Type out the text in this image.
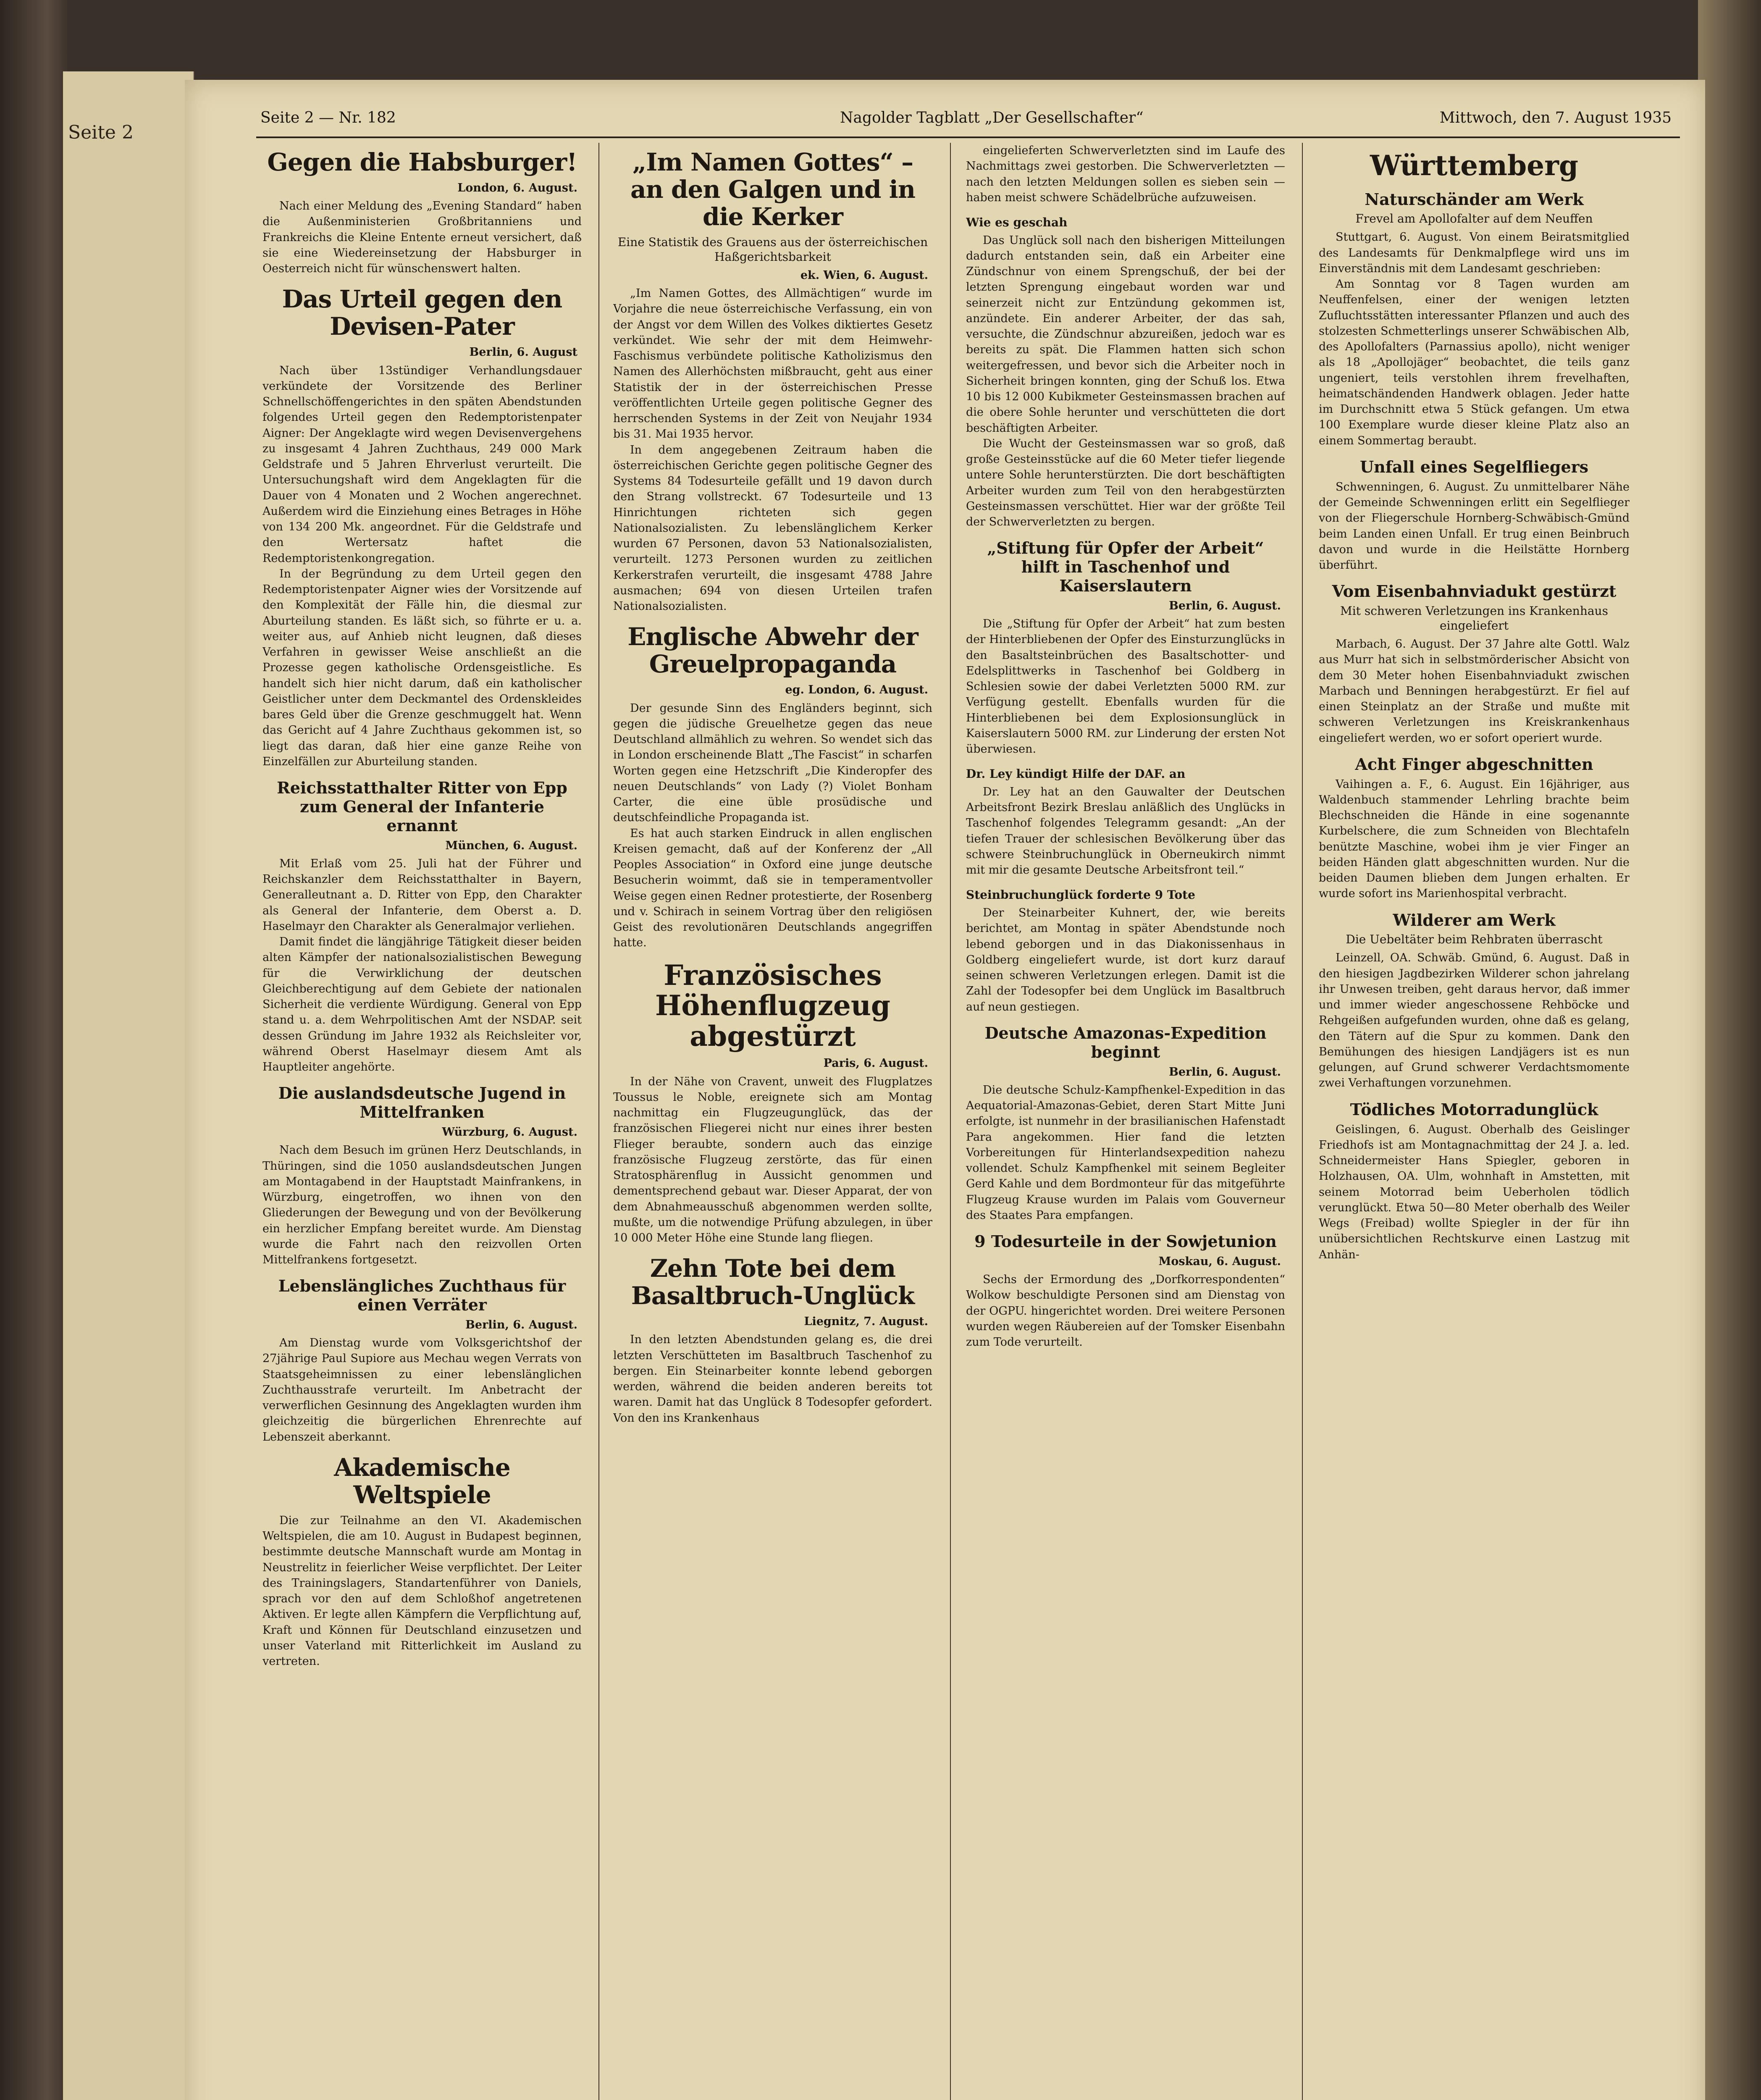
Seite 2
Seite 2 — Nr. 182	Nagolder Tagblatt „Der Gesellschafter“	Mittwoch, den 7. August 1935
Gegen die Habsburger!
London, 6. August.

Nach einer Meldung des „Evening Standard“ haben die Außenministerien Großbritanniens und Frankreichs die Kleine Entente erneut versichert, daß sie eine Wiedereinsetzung der Habsburger in Oesterreich nicht für wünschenswert halten.

Das Urteil gegen den Devisen-Pater
Berlin, 6. August

Nach über 13stündiger Verhandlungsdauer verkündete der Vorsitzende des Berliner Schnellschöffengerichtes in den späten Abendstunden folgendes Urteil gegen den Redemptoristenpater Aigner: Der Angeklagte wird wegen Devisenvergehens zu insgesamt 4 Jahren Zuchthaus, 249 000 Mark Geldstrafe und 5 Jahren Ehrverlust verurteilt. Die Untersuchungshaft wird dem Angeklagten für die Dauer von 4 Monaten und 2 Wochen angerechnet. Außerdem wird die Einziehung eines Betrages in Höhe von 134 200 Mk. angeordnet. Für die Geldstrafe und den Wertersatz haftet die Redemptoristenkongregation.

In der Begründung zu dem Urteil gegen den Redemptoristenpater Aigner wies der Vorsitzende auf den Komplexität der Fälle hin, die diesmal zur Aburteilung standen. Es läßt sich, so führte er u. a. weiter aus, auf Anhieb nicht leugnen, daß dieses Verfahren in gewisser Weise anschließt an die Prozesse gegen katholische Ordensgeistliche. Es handelt sich hier nicht darum, daß ein katholischer Geistlicher unter dem Deckmantel des Ordenskleides bares Geld über die Grenze geschmuggelt hat. Wenn das Gericht auf 4 Jahre Zuchthaus gekommen ist, so liegt das daran, daß hier eine ganze Reihe von Einzelfällen zur Aburteilung standen.

Reichsstatthalter Ritter von Epp zum General der Infanterie ernannt
München, 6. August.

Mit Erlaß vom 25. Juli hat der Führer und Reichskanzler dem Reichsstatthalter in Bayern, Generalleutnant a. D. Ritter von Epp, den Charakter als General der Infanterie, dem Oberst a. D. Haselmayr den Charakter als Generalmajor verliehen.

Damit findet die längjährige Tätigkeit dieser beiden alten Kämpfer der nationalsozialistischen Bewegung für die Verwirklichung der deutschen Gleichberechtigung auf dem Gebiete der nationalen Sicherheit die verdiente Würdigung. General von Epp stand u. a. dem Wehrpolitischen Amt der NSDAP. seit dessen Gründung im Jahre 1932 als Reichsleiter vor, während Oberst Haselmayr diesem Amt als Hauptleiter angehörte.

Die auslandsdeutsche Jugend in Mittelfranken
Würzburg, 6. August.

Nach dem Besuch im grünen Herz Deutschlands, in Thüringen, sind die 1050 auslandsdeutschen Jungen am Montagabend in der Hauptstadt Mainfrankens, in Würzburg, eingetroffen, wo ihnen von den Gliederungen der Bewegung und von der Bevölkerung ein herzlicher Empfang bereitet wurde. Am Dienstag wurde die Fahrt nach den reizvollen Orten Mittelfrankens fortgesetzt.

Lebenslängliches Zuchthaus für einen Verräter
Berlin, 6. August.

Am Dienstag wurde vom Volksgerichtshof der 27jährige Paul Supiore aus Mechau wegen Verrats von Staatsgeheimnissen zu einer lebenslänglichen Zuchthausstrafe verurteilt. Im Anbetracht der verwerflichen Gesinnung des Angeklagten wurden ihm gleichzeitig die bürgerlichen Ehrenrechte auf Lebenszeit aberkannt.

Akademische Weltspiele

Die zur Teilnahme an den VI. Akademischen Weltspielen, die am 10. August in Budapest beginnen, bestimmte deutsche Mannschaft wurde am Montag in Neustrelitz in feierlicher Weise verpflichtet. Der Leiter des Trainingslagers, Standartenführer von Daniels, sprach vor den auf dem Schloßhof angetretenen Aktiven. Er legte allen Kämpfern die Verpflichtung auf, Kraft und Können für Deutschland einzusetzen und unser Vaterland mit Ritterlichkeit im Ausland zu vertreten.

„Im Namen Gottes“ – an den Galgen und in die Kerker
Eine Statistik des Grauens aus der österreichischen Haßgerichtsbarkeit
ek. Wien, 6. August.

„Im Namen Gottes, des Allmächtigen“ wurde im Vorjahre die neue österreichische Verfassung, ein von der Angst vor dem Willen des Volkes diktiertes Gesetz verkündet. Wie sehr der mit dem Heimwehr-Faschismus verbündete politische Katholizismus den Namen des Allerhöchsten mißbraucht, geht aus einer Statistik der in der österreichischen Presse veröffentlichten Urteile gegen politische Gegner des herrschenden Systems in der Zeit von Neujahr 1934 bis 31. Mai 1935 hervor.

In dem angegebenen Zeitraum haben die österreichischen Gerichte gegen politische Gegner des Systems 84 Todesurteile gefällt und 19 davon durch den Strang vollstreckt. 67 Todesurteile und 13 Hinrichtungen richteten sich gegen Nationalsozialisten. Zu lebenslänglichem Kerker wurden 67 Personen, davon 53 Nationalsozialisten, verurteilt. 1273 Personen wurden zu zeitlichen Kerkerstrafen verurteilt, die insgesamt 4788 Jahre ausmachen; 694 von diesen Urteilen trafen Nationalsozialisten.

Englische Abwehr der Greuelpropaganda
eg. London, 6. August.

Der gesunde Sinn des Engländers beginnt, sich gegen die jüdische Greuelhetze gegen das neue Deutschland allmählich zu wehren. So wendet sich das in London erscheinende Blatt „The Fascist“ in scharfen Worten gegen eine Hetzschrift „Die Kinderopfer des neuen Deutschlands“ von Lady (?) Violet Bonham Carter, die eine üble prosüdische und deutschfeindliche Propaganda ist.

Es hat auch starken Eindruck in allen englischen Kreisen gemacht, daß auf der Konferenz der „All Peoples Association“ in Oxford eine junge deutsche Besucherin woimmt, daß sie in temperamentvoller Weise gegen einen Redner protestierte, der Rosenberg und v. Schirach in seinem Vortrag über den religiösen Geist des revolutionären Deutschlands angegriffen hatte.

Französisches Höhenflugzeug abgestürzt
Paris, 6. August.

In der Nähe von Cravent, unweit des Flugplatzes Toussus le Noble, ereignete sich am Montag nachmittag ein Flugzeugunglück, das der französischen Fliegerei nicht nur eines ihrer besten Flieger beraubte, sondern auch das einzige französische Flugzeug zerstörte, das für einen Stratosphärenflug in Aussicht genommen und dementsprechend gebaut war. Dieser Apparat, der von dem Abnahmeausschuß abgenommen werden sollte, mußte, um die notwendige Prüfung abzulegen, in über 10 000 Meter Höhe eine Stunde lang fliegen.

Zehn Tote bei dem Basaltbruch-Unglück
Liegnitz, 7. August.

In den letzten Abendstunden gelang es, die drei letzten Verschütteten im Basaltbruch Taschenhof zu bergen. Ein Steinarbeiter konnte lebend geborgen werden, während die beiden anderen bereits tot waren. Damit hat das Unglück 8 Todesopfer gefordert. Von den ins Krankenhaus

eingelieferten Schwerverletzten sind im Laufe des Nachmittags zwei gestorben. Die Schwerverletzten — nach den letzten Meldungen sollen es sieben sein — haben meist schwere Schädelbrüche aufzuweisen.

Wie es geschah

Das Unglück soll nach den bisherigen Mitteilungen dadurch entstanden sein, daß ein Arbeiter eine Zündschnur von einem Sprengschuß, der bei der letzten Sprengung eingebaut worden war und seinerzeit nicht zur Entzündung gekommen ist, anzündete. Ein anderer Arbeiter, der das sah, versuchte, die Zündschnur abzureißen, jedoch war es bereits zu spät. Die Flammen hatten sich schon weitergefressen, und bevor sich die Arbeiter noch in Sicherheit bringen konnten, ging der Schuß los. Etwa 10 bis 12 000 Kubikmeter Gesteinsmassen brachen auf die obere Sohle herunter und verschütteten die dort beschäftigten Arbeiter.

Die Wucht der Gesteinsmassen war so groß, daß große Gesteinsstücke auf die 60 Meter tiefer liegende untere Sohle herunterstürzten. Die dort beschäftigten Arbeiter wurden zum Teil von den herabgestürzten Gesteinsmassen verschüttet. Hier war der größte Teil der Schwerverletzten zu bergen.

„Stiftung für Opfer der Arbeit“ hilft in Taschenhof und Kaiserslautern
Berlin, 6. August.

Die „Stiftung für Opfer der Arbeit“ hat zum besten der Hinterbliebenen der Opfer des Einsturzunglücks in den Basaltsteinbrüchen des Basaltschotter- und Edelsplittwerks in Taschenhof bei Goldberg in Schlesien sowie der dabei Verletzten 5000 RM. zur Verfügung gestellt. Ebenfalls wurden für die Hinterbliebenen bei dem Explosionsunglück in Kaiserslautern 5000 RM. zur Linderung der ersten Not überwiesen.

Dr. Ley kündigt Hilfe der DAF. an

Dr. Ley hat an den Gauwalter der Deutschen Arbeitsfront Bezirk Breslau anläßlich des Unglücks in Taschenhof folgendes Telegramm gesandt: „An der tiefen Trauer der schlesischen Bevölkerung über das schwere Steinbruchunglück in Oberneukirch nimmt mit mir die gesamte Deutsche Arbeitsfront teil.“

Steinbruchunglück forderte 9 Tote

Der Steinarbeiter Kuhnert, der, wie bereits berichtet, am Montag in später Abendstunde noch lebend geborgen und in das Diakonissenhaus in Goldberg eingeliefert wurde, ist dort kurz darauf seinen schweren Verletzungen erlegen. Damit ist die Zahl der Todesopfer bei dem Unglück im Basaltbruch auf neun gestiegen.

Deutsche Amazonas-Expedition beginnt
Berlin, 6. August.

Die deutsche Schulz-Kampfhenkel-Expedition in das Aequatorial-Amazonas-Gebiet, deren Start Mitte Juni erfolgte, ist nunmehr in der brasilianischen Hafenstadt Para angekommen. Hier fand die letzten Vorbereitungen für Hinterlandsexpedition nahezu vollendet. Schulz Kampfhenkel mit seinem Begleiter Gerd Kahle und dem Bordmonteur für das mitgeführte Flugzeug Krause wurden im Palais vom Gouverneur des Staates Para empfangen.

9 Todesurteile in der Sowjetunion
Moskau, 6. August.

Sechs der Ermordung des „Dorfkorrespondenten“ Wolkow beschuldigte Personen sind am Dienstag von der OGPU. hingerichtet worden. Drei weitere Personen wurden wegen Räubereien auf der Tomsker Eisenbahn zum Tode verurteilt.

Württemberg
Naturschänder am Werk
Frevel am Apollofalter auf dem Neuffen

Stuttgart, 6. August. Von einem Beiratsmitglied des Landesamts für Denkmalpflege wird uns im Einverständnis mit dem Landesamt geschrieben:

Am Sonntag vor 8 Tagen wurden am Neuffenfelsen, einer der wenigen letzten Zufluchtsstätten interessanter Pflanzen und auch des stolzesten Schmetterlings unserer Schwäbischen Alb, des Apollofalters (Parnassius apollo), nicht weniger als 18 „Apollojäger“ beobachtet, die teils ganz ungeniert, teils verstohlen ihrem frevelhaften, heimatschändenden Handwerk oblagen. Jeder hatte im Durchschnitt etwa 5 Stück gefangen. Um etwa 100 Exemplare wurde dieser kleine Platz also an einem Sommertag beraubt.

Unfall eines Segelfliegers

Schwenningen, 6. August. Zu unmittelbarer Nähe der Gemeinde Schwenningen erlitt ein Segelflieger von der Fliegerschule Hornberg-Schwäbisch-Gmünd beim Landen einen Unfall. Er trug einen Beinbruch davon und wurde in die Heilstätte Hornberg überführt.

Vom Eisenbahnviadukt gestürzt
Mit schweren Verletzungen ins Krankenhaus eingeliefert

Marbach, 6. August. Der 37 Jahre alte Gottl. Walz aus Murr hat sich in selbstmörderischer Absicht von dem 30 Meter hohen Eisenbahnviadukt zwischen Marbach und Benningen herabgestürzt. Er fiel auf einen Steinplatz an der Straße und mußte mit schweren Verletzungen ins Kreiskrankenhaus eingeliefert werden, wo er sofort operiert wurde.

Acht Finger abgeschnitten

Vaihingen a. F., 6. August. Ein 16jähriger, aus Waldenbuch stammender Lehrling brachte beim Blechschneiden die Hände in eine sogenannte Kurbelschere, die zum Schneiden von Blechtafeln benützte Maschine, wobei ihm je vier Finger an beiden Händen glatt abgeschnitten wurden. Nur die beiden Daumen blieben dem Jungen erhalten. Er wurde sofort ins Marienhospital verbracht.

Wilderer am Werk
Die Uebeltäter beim Rehbraten überrascht

Leinzell, OA. Schwäb. Gmünd, 6. August. Daß in den hiesigen Jagdbezirken Wilderer schon jahrelang ihr Unwesen treiben, geht daraus hervor, daß immer und immer wieder angeschossene Rehböcke und Rehgeißen aufgefunden wurden, ohne daß es gelang, den Tätern auf die Spur zu kommen. Dank den Bemühungen des hiesigen Landjägers ist es nun gelungen, auf Grund schwerer Verdachtsmomente zwei Verhaftungen vorzunehmen.

Tödliches Motorradunglück

Geislingen, 6. August. Oberhalb des Geislinger Friedhofs ist am Montagnachmittag der 24 J. a. led. Schneidermeister Hans Spiegler, geboren in Holzhausen, OA. Ulm, wohnhaft in Amstetten, mit seinem Motorrad beim Ueberholen tödlich verunglückt. Etwa 50—80 Meter oberhalb des Weiler Wegs (Freibad) wollte Spiegler in der für ihn unübersichtlichen Rechtskurve einen Lastzug mit Anhän-
